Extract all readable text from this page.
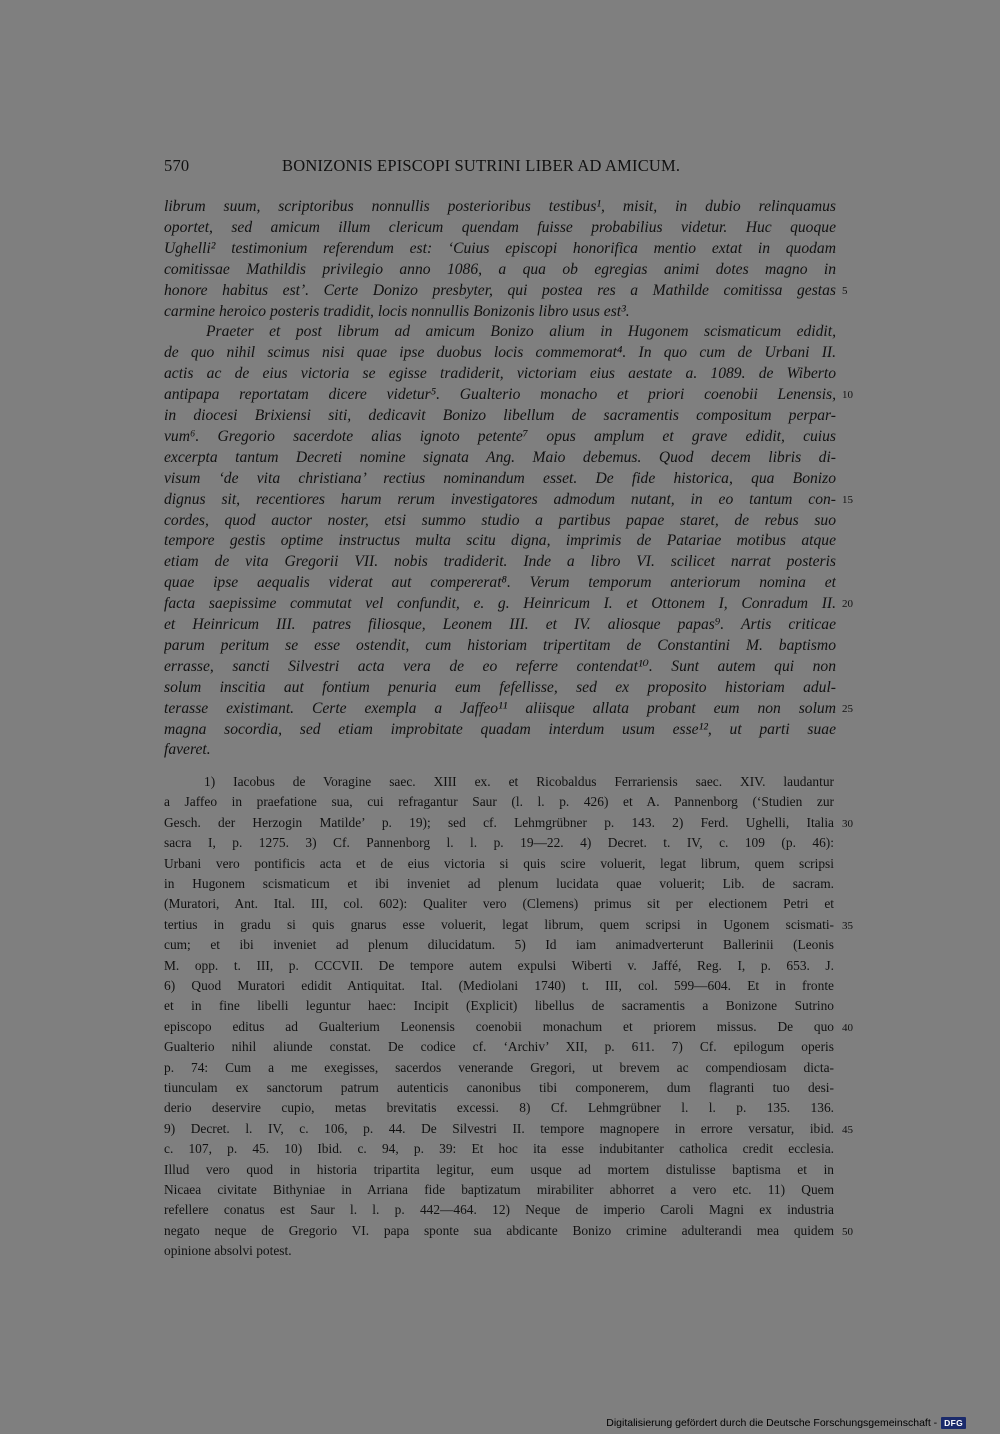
570	BONIZONIS EPISCOPI SUTRINI LIBER AD AMICUM.
librum suum, scriptoribus nonnullis posterioribus testibus¹, misit, in dubio relinquamus
oportet, sed amicum illum clericum quendam fuisse probabilius videtur. Huc quoque
Ughelli² testimonium referendum est: ‘Cuius episcopi honorifica mentio extat in quodam
comitissae Mathildis privilegio anno 1086, a qua ob egregias animi dotes magno in
honore habitus est’. Certe Donizo presbyter, qui postea res a Mathilde comitissa gestas
carmine heroico posteris tradidit, locis nonnullis Bonizonis libro usus est³.
Praeter et post librum ad amicum Bonizo alium in Hugonem scismaticum edidit,
de quo nihil scimus nisi quae ipse duobus locis commemorat⁴. In quo cum de Urbani II.
actis ac de eius victoria se egisse tradiderit, victoriam eius aestate a. 1089. de Wiberto
antipapa reportatam dicere videtur⁵. Gualterio monacho et priori coenobii Lenensis,
in diocesi Brixiensi siti, dedicavit Bonizo libellum de sacramentis compositum perpar-
vum⁶. Gregorio sacerdote alias ignoto petente⁷ opus amplum et grave edidit, cuius
excerpta tantum Decreti nomine signata Ang. Maio debemus. Quod decem libris di-
visum ‘de vita christiana’ rectius nominandum esset. De fide historica, qua Bonizo
dignus sit, recentiores harum rerum investigatores admodum nutant, in eo tantum con-
cordes, quod auctor noster, etsi summo studio a partibus papae staret, de rebus suo
tempore gestis optime instructus multa scitu digna, imprimis de Patariae motibus atque
etiam de vita Gregorii VII. nobis tradiderit. Inde a libro VI. scilicet narrat posteris
quae ipse aequalis viderat aut compererat⁸. Verum temporum anteriorum nomina et
facta saepissime commutat vel confundit, e. g. Heinricum I. et Ottonem I, Conradum II.
et Heinricum III. patres filiosque, Leonem III. et IV. aliosque papas⁹. Artis criticae
parum peritum se esse ostendit, cum historiam tripertitam de Constantini M. baptismo
errasse, sancti Silvestri acta vera de eo referre contendat¹⁰. Sunt autem qui non
solum inscitia aut fontium penuria eum fefellisse, sed ex proposito historiam adul-
terasse existimant. Certe exempla a Jaffeo¹¹ aliisque allata probant eum non solum
magna socordia, sed etiam improbitate quadam interdum usum esse¹², ut parti suae
faveret.
5
10
15
20
25
1) Iacobus de Voragine saec. XIII ex. et Ricobaldus Ferrariensis saec. XIV. laudantur
a Jaffeo in praefatione sua, cui refragantur Saur (l. l. p. 426) et A. Pannenborg (‘Studien zur
Gesch. der Herzogin Matilde’ p. 19); sed cf. Lehmgrübner p. 143. 2) Ferd. Ughelli, Italia
sacra I, p. 1275. 3) Cf. Pannenborg l. l. p. 19—22. 4) Decret. t. IV, c. 109 (p. 46):
Urbani vero pontificis acta et de eius victoria si quis scire voluerit, legat librum, quem scripsi
in Hugonem scismaticum et ibi inveniet ad plenum lucidata quae voluerit; Lib. de sacram.
(Muratori, Ant. Ital. III, col. 602): Qualiter vero (Clemens) primus sit per electionem Petri et
tertius in gradu si quis gnarus esse voluerit, legat librum, quem scripsi in Ugonem scismati-
cum; et ibi inveniet ad plenum dilucidatum. 5) Id iam animadverterunt Ballerinii (Leonis
M. opp. t. III, p. CCCVII. De tempore autem expulsi Wiberti v. Jaffé, Reg. I, p. 653. J.
6) Quod Muratori edidit Antiquitat. Ital. (Mediolani 1740) t. III, col. 599—604. Et in fronte
et in fine libelli leguntur haec: Incipit (Explicit) libellus de sacramentis a Bonizone Sutrino
episcopo editus ad Gualterium Leonensis coenobii monachum et priorem missus. De quo
Gualterio nihil aliunde constat. De codice cf. ‘Archiv’ XII, p. 611. 7) Cf. epilogum operis
p. 74: Cum a me exegisses, sacerdos venerande Gregori, ut brevem ac compendiosam dicta-
tiunculam ex sanctorum patrum autenticis canonibus tibi componerem, dum flagranti tuo desi-
derio deservire cupio, metas brevitatis excessi. 8) Cf. Lehmgrübner l. l. p. 135. 136.
9) Decret. l. IV, c. 106, p. 44. De Silvestri II. tempore magnopere in errore versatur, ibid.
c. 107, p. 45. 10) Ibid. c. 94, p. 39: Et hoc ita esse indubitanter catholica credit ecclesia.
Illud vero quod in historia tripartita legitur, eum usque ad mortem distulisse baptisma et in
Nicaea civitate Bithyniae in Arriana fide baptizatum mirabiliter abhorret a vero etc. 11) Quem
refellere conatus est Saur l. l. p. 442—464. 12) Neque de imperio Caroli Magni ex industria
negato neque de Gregorio VI. papa sponte sua abdicante Bonizo crimine adulterandi mea quidem
opinione absolvi potest.
30
35
40
45
50
Digitalisierung gefördert durch die Deutsche Forschungsgemeinschaft - DFG
